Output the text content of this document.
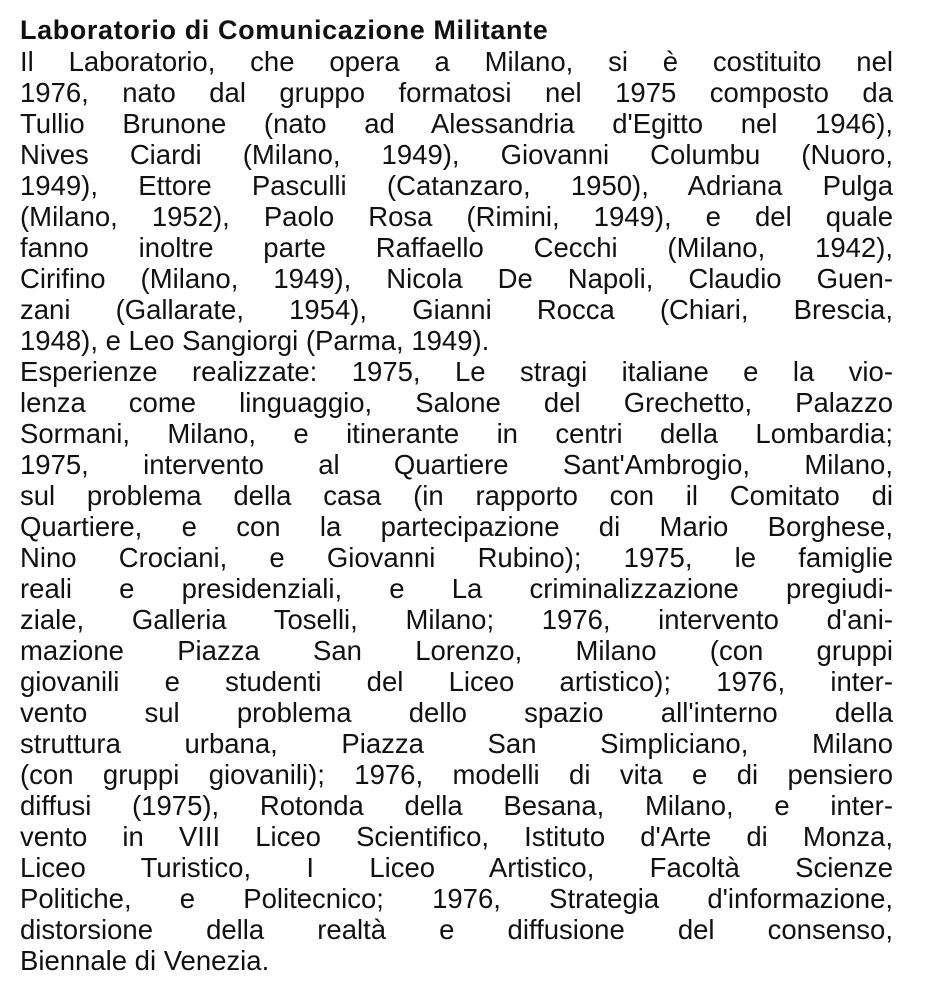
Laboratorio di Comunicazione Militante
Il Laboratorio, che opera a Milano, si è costituito nel
1976, nato dal gruppo formatosi nel 1975 composto da
Tullio Brunone (nato ad Alessandria d'Egitto nel 1946),
Nives Ciardi (Milano, 1949), Giovanni Columbu (Nuoro,
1949), Ettore Pasculli (Catanzaro, 1950), Adriana Pulga
(Milano, 1952), Paolo Rosa (Rimini, 1949), e del quale
fanno inoltre parte Raffaello Cecchi (Milano, 1942),
Cirifino (Milano, 1949), Nicola De Napoli, Claudio Guen-
zani (Gallarate, 1954), Gianni Rocca (Chiari, Brescia,
1948), e Leo Sangiorgi (Parma, 1949).
Esperienze realizzate: 1975, Le stragi italiane e la vio-
lenza come linguaggio, Salone del Grechetto, Palazzo
Sormani, Milano, e itinerante in centri della Lombardia;
1975, intervento al Quartiere Sant'Ambrogio, Milano,
sul problema della casa (in rapporto con il Comitato di
Quartiere, e con la partecipazione di Mario Borghese,
Nino Crociani, e Giovanni Rubino); 1975, le famiglie
reali e presidenziali, e La criminalizzazione pregiudi-
ziale, Galleria Toselli, Milano; 1976, intervento d'ani-
mazione Piazza San Lorenzo, Milano (con gruppi
giovanili e studenti del Liceo artistico); 1976, inter-
vento sul problema dello spazio all'interno della
struttura urbana, Piazza San Simpliciano, Milano
(con gruppi giovanili); 1976, modelli di vita e di pensiero
diffusi (1975), Rotonda della Besana, Milano, e inter-
vento in VIII Liceo Scientifico, Istituto d'Arte di Monza,
Liceo Turistico, I Liceo Artistico, Facoltà Scienze
Politiche, e Politecnico; 1976, Strategia d'informazione,
distorsione della realtà e diffusione del consenso,
Biennale di Venezia.
